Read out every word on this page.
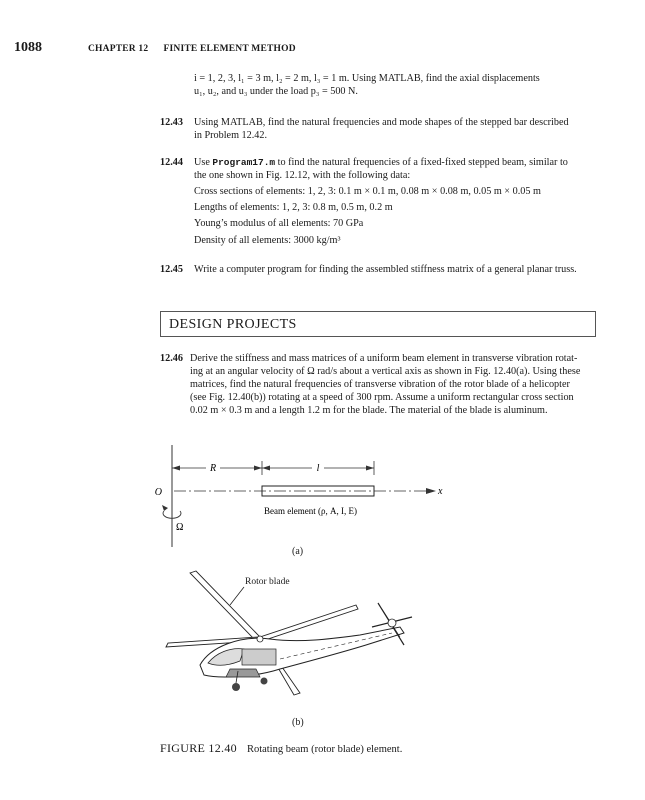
1088	CHAPTER 12 FINITE ELEMENT METHOD
i = 1, 2, 3, l₁ = 3 m, l₂ = 2 m, l₃ = 1 m. Using MATLAB, find the axial displacements
u₁, u₂, and u₃ under the load p₃ = 500 N.
12.43 Using MATLAB, find the natural frequencies and mode shapes of the stepped bar described
in Problem 12.42.
12.44 Use Program17.m to find the natural frequencies of a fixed-fixed stepped beam, similar to
the one shown in Fig. 12.12, with the following data:
Cross sections of elements: 1, 2, 3: 0.1 m × 0.1 m, 0.08 m × 0.08 m, 0.05 m × 0.05 m
Lengths of elements: 1, 2, 3: 0.8 m, 0.5 m, 0.2 m
Young’s modulus of all elements: 70 GPa
Density of all elements: 3000 kg/m³
12.45 Write a computer program for finding the assembled stiffness matrix of a general planar truss.
DESIGN PROJECTS
12.46 Derive the stiffness and mass matrices of a uniform beam element in transverse vibration rotat-
ing at an angular velocity of Ω rad/s about a vertical axis as shown in Fig. 12.40(a). Using these
matrices, find the natural frequencies of transverse vibration of the rotor blade of a helicopter
(see Fig. 12.40(b)) rotating at a speed of 300 rpm. Assume a uniform rectangular cross section
0.02 m × 0.3 m and a length 1.2 m for the blade. The material of the blade is aluminum.
R	l
x
O
Beam element (ρ, A, I, E)
Ω
(a)
Rotor blade
(b)
FIGURE 12.40 Rotating beam (rotor blade) element.
